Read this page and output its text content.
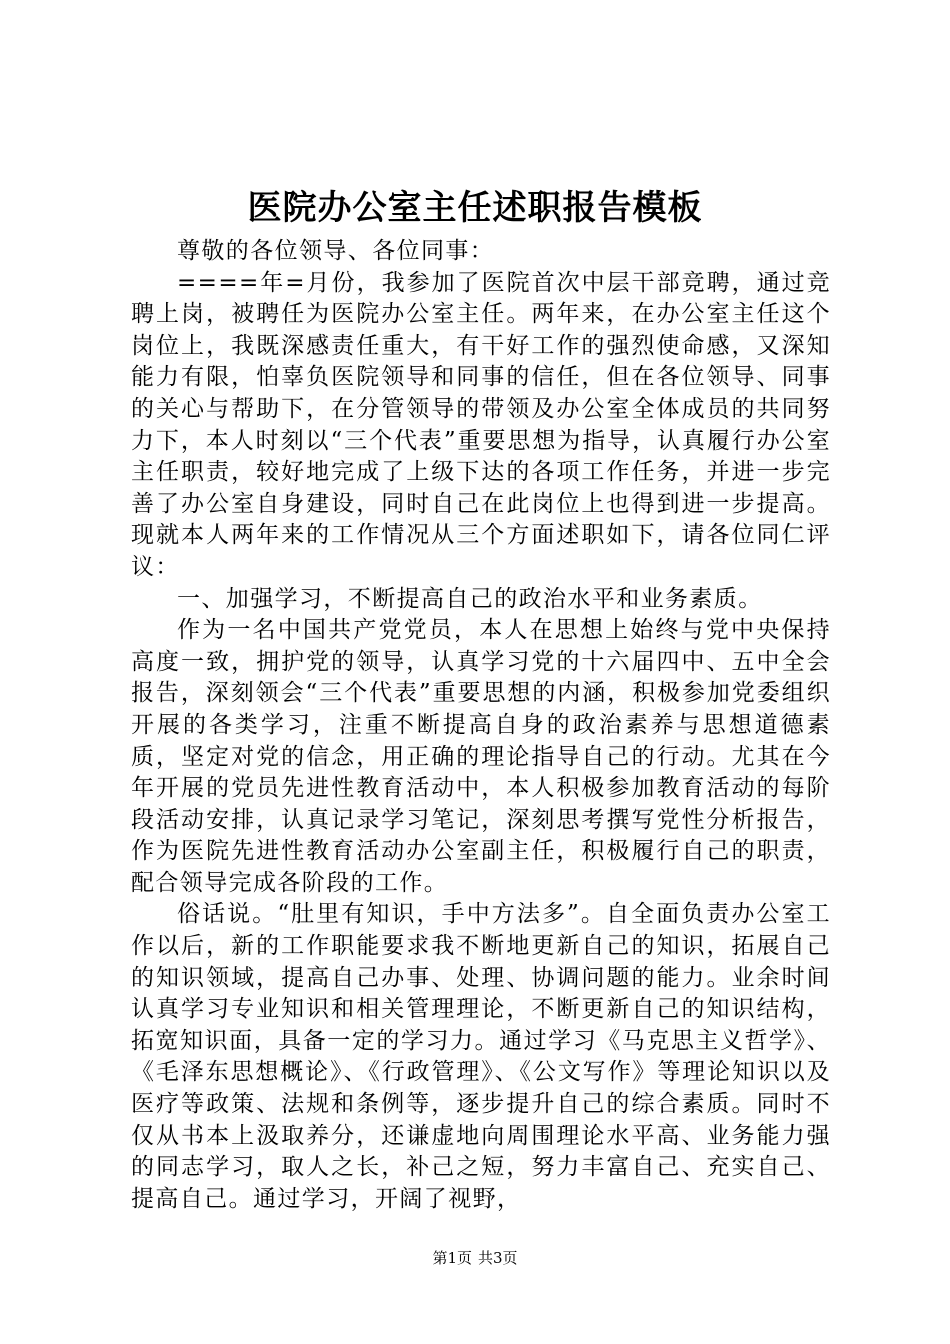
医院办公室主任述职报告模板

尊敬的各位领导、各位同事：

====年=月份，我参加了医院首次中层干部竞聘，通过竞聘上岗，被聘任为医院办公室主任。两年来，在办公室主任这个岗位上，我既深感责任重大，有干好工作的强烈使命感，又深知能力有限，怕辜负医院领导和同事的信任，但在各位领导、同事的关心与帮助下，在分管领导的带领及办公室全体成员的共同努力下，本人时刻以“三个代表”重要思想为指导，认真履行办公室主任职责，较好地完成了上级下达的各项工作任务，并进一步完善了办公室自身建设，同时自己在此岗位上也得到进一步提高。现就本人两年来的工作情况从三个方面述职如下，请各位同仁评议：

一、加强学习，不断提高自己的政治水平和业务素质。

作为一名中国共产党党员，本人在思想上始终与党中央保持高度一致，拥护党的领导，认真学习党的十六届四中、五中全会报告，深刻领会“三个代表”重要思想的内涵，积极参加党委组织开展的各类学习，注重不断提高自身的政治素养与思想道德素质，坚定对党的信念，用正确的理论指导自己的行动。尤其在今年开展的党员先进性教育活动中，本人积极参加教育活动的每阶段活动安排，认真记录学习笔记，深刻思考撰写党性分析报告，作为医院先进性教育活动办公室副主任，积极履行自己的职责，配合领导完成各阶段的工作。

俗话说。“肚里有知识，手中方法多”。自全面负责办公室工作以后，新的工作职能要求我不断地更新自己的知识，拓展自己的知识领域，提高自己办事、处理、协调问题的能力。业余时间认真学习专业知识和相关管理理论，不断更新自己的知识结构，拓宽知识面，具备一定的学习力。通过学习《马克思主义哲学》、《毛泽东思想概论》、《行政管理》、《公文写作》等理论知识以及医疗等政策、法规和条例等，逐步提升自己的综合素质。同时不仅从书本上汲取养分，还谦虚地向周围理论水平高、业务能力强的同志学习，取人之长，补己之短，努力丰富自己、充实自己、提高自己。通过学习，开阔了视野，

第1页 共3页
